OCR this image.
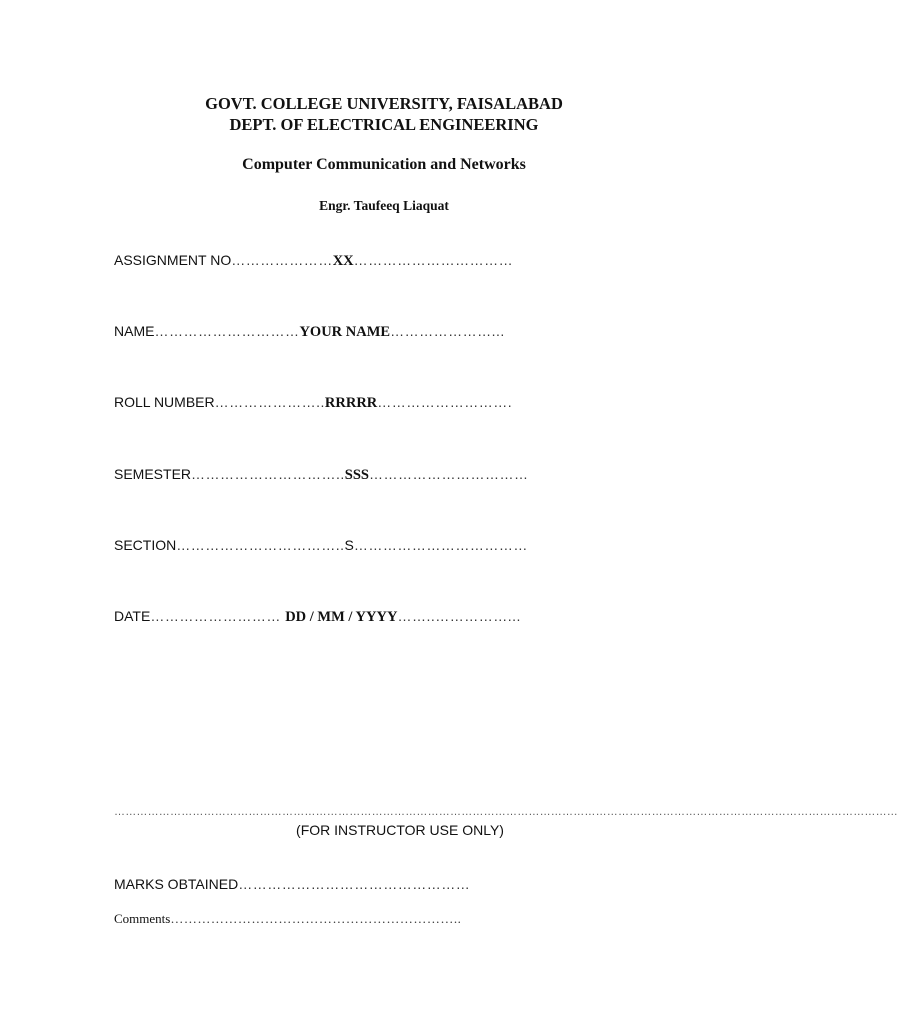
GOVT. COLLEGE UNIVERSITY, FAISALABAD
DEPT. OF ELECTRICAL ENGINEERING
Computer Communication and Networks
Engr. Taufeeq Liaquat
ASSIGNMENT NO…………………XX……………………………
NAME…………………………YOUR NAME…………………...
ROLL NUMBER…………………..RRRRR……………………….
SEMESTER…………………………..SSS……………………………
SECTION……………………………..S………………………………
DATE……………………… DD / MM / YYYY……..……………...
…………………………………………………………………………………………………………………………………………………………………………………………
(FOR INSTRUCTOR USE ONLY)
MARKS OBTAINED…………………………………………
Comments………………………………………………………..
